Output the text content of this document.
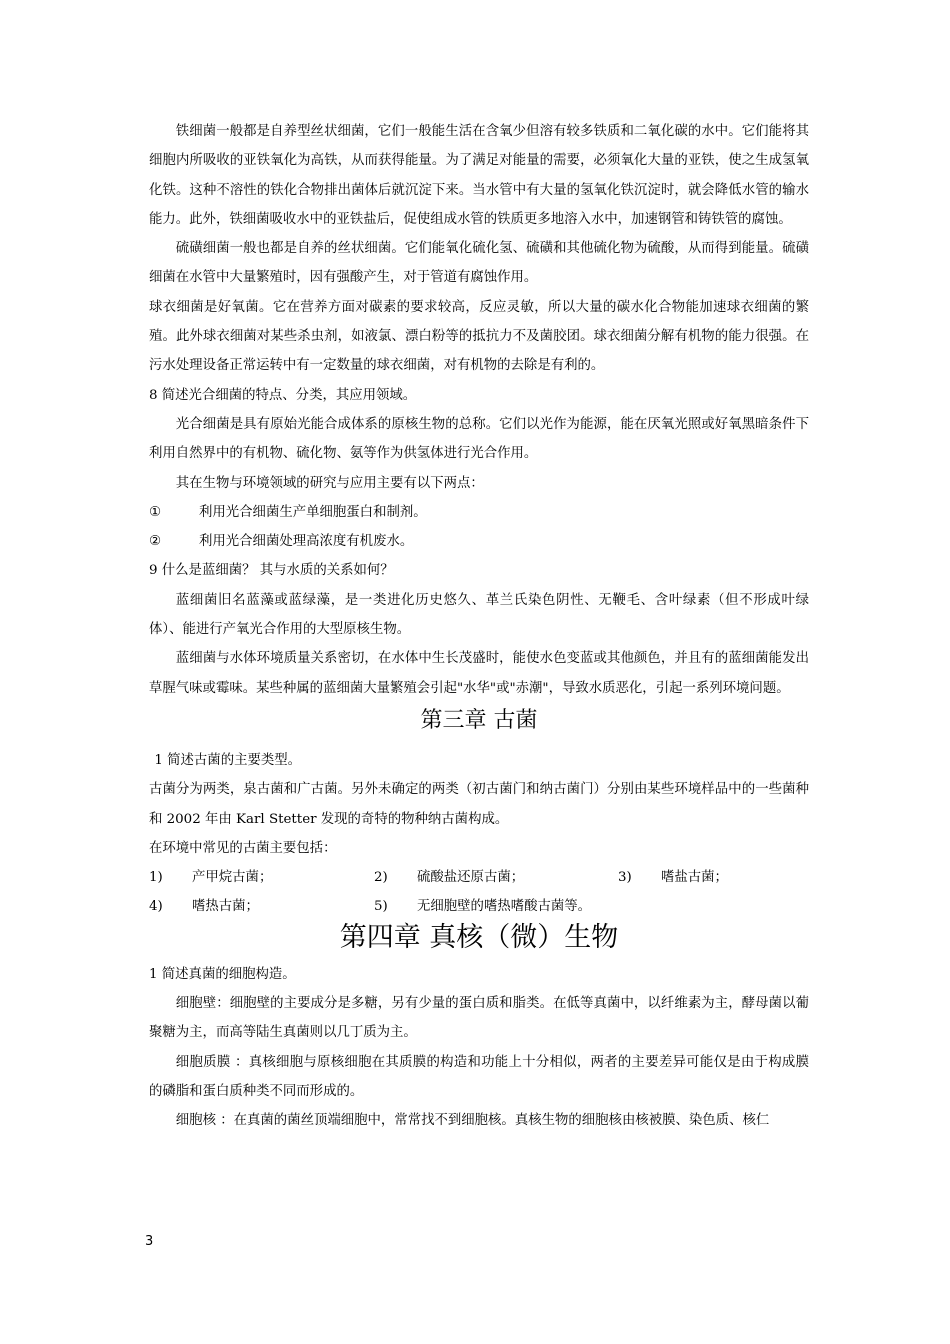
铁细菌一般都是自养型丝状细菌，它们一般能生活在含氧少但溶有较多铁质和二氧化碳的水中。它们能将其细胞内所吸收的亚铁氧化为高铁，从而获得能量。为了满足对能量的需要，必须氧化大量的亚铁，使之生成氢氧化铁。这种不溶性的铁化合物排出菌体后就沉淀下来。当水管中有大量的氢氧化铁沉淀时，就会降低水管的输水能力。此外，铁细菌吸收水中的亚铁盐后，促使组成水管的铁质更多地溶入水中，加速钢管和铸铁管的腐蚀。

硫磺细菌一般也都是自养的丝状细菌。它们能氧化硫化氢、硫磺和其他硫化物为硫酸，从而得到能量。硫磺细菌在水管中大量繁殖时，因有强酸产生，对于管道有腐蚀作用。

球衣细菌是好氧菌。它在营养方面对碳素的要求较高，反应灵敏，所以大量的碳水化合物能加速球衣细菌的繁殖。此外球衣细菌对某些杀虫剂，如液氯、漂白粉等的抵抗力不及菌胶团。球衣细菌分解有机物的能力很强。在污水处理设备正常运转中有一定数量的球衣细菌，对有机物的去除是有利的。

8 简述光合细菌的特点、分类，其应用领域。

光合细菌是具有原始光能合成体系的原核生物的总称。它们以光作为能源，能在厌氧光照或好氧黑暗条件下利用自然界中的有机物、硫化物、氨等作为供氢体进行光合作用。

其在生物与环境领域的研究与应用主要有以下两点：

①	利用光合细菌生产单细胞蛋白和制剂。
②	利用光合细菌处理高浓度有机废水。

9 什么是蓝细菌？ 其与水质的关系如何？

蓝细菌旧名蓝藻或蓝绿藻，是一类进化历史悠久、革兰氏染色阴性、无鞭毛、含叶绿素（但不形成叶绿体）、能进行产氧光合作用的大型原核生物。

蓝细菌与水体环境质量关系密切，在水体中生长茂盛时，能使水色变蓝或其他颜色，并且有的蓝细菌能发出草腥气味或霉味。某些种属的蓝细菌大量繁殖会引起"水华"或"赤潮"，导致水质恶化，引起一系列环境问题。

第三章 古菌

1 简述古菌的主要类型。

古菌分为两类，泉古菌和广古菌。另外未确定的两类（初古菌门和纳古菌门）分别由某些环境样品中的一些菌种和 2002 年由 Karl Stetter 发现的奇特的物种纳古菌构成。

在环境中常见的古菌主要包括：

1)	产甲烷古菌；	2)	硫酸盐还原古菌；	3)	嗜盐古菌；
4)	嗜热古菌；	5)	无细胞壁的嗜热嗜酸古菌等。
第四章 真核（微）生物

1 简述真菌的细胞构造。

细胞壁：细胞壁的主要成分是多糖，另有少量的蛋白质和脂类。在低等真菌中，以纤维素为主，酵母菌以葡聚糖为主，而高等陆生真菌则以几丁质为主。

细胞质膜 ：真核细胞与原核细胞在其质膜的构造和功能上十分相似，两者的主要差异可能仅是由于构成膜的磷脂和蛋白质种类不同而形成的。

细胞核 ：在真菌的菌丝顶端细胞中，常常找不到细胞核。真核生物的细胞核由核被膜、染色质、核仁

3
